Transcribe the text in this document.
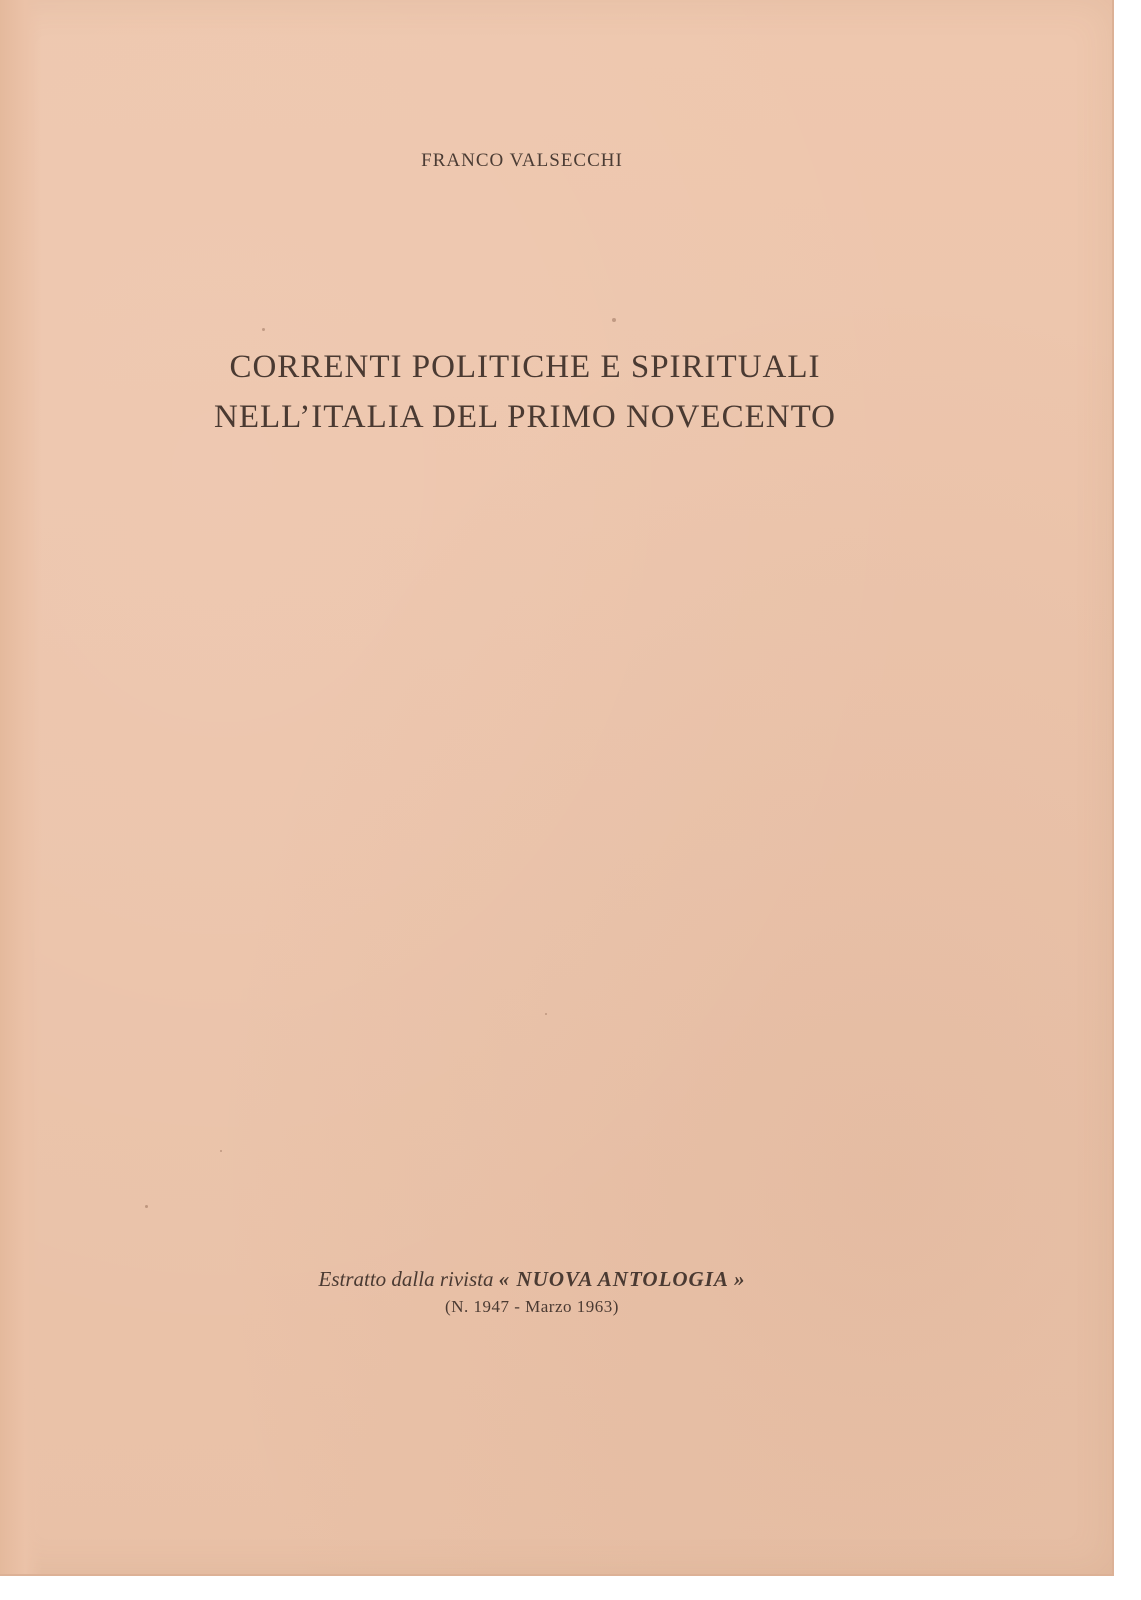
FRANCO VALSECCHI
CORRENTI POLITICHE E SPIRITUALI
NELL’ITALIA DEL PRIMO NOVECENTO
Estratto dalla rivista « NUOVA ANTOLOGIA »
(N. 1947 - Marzo 1963)
